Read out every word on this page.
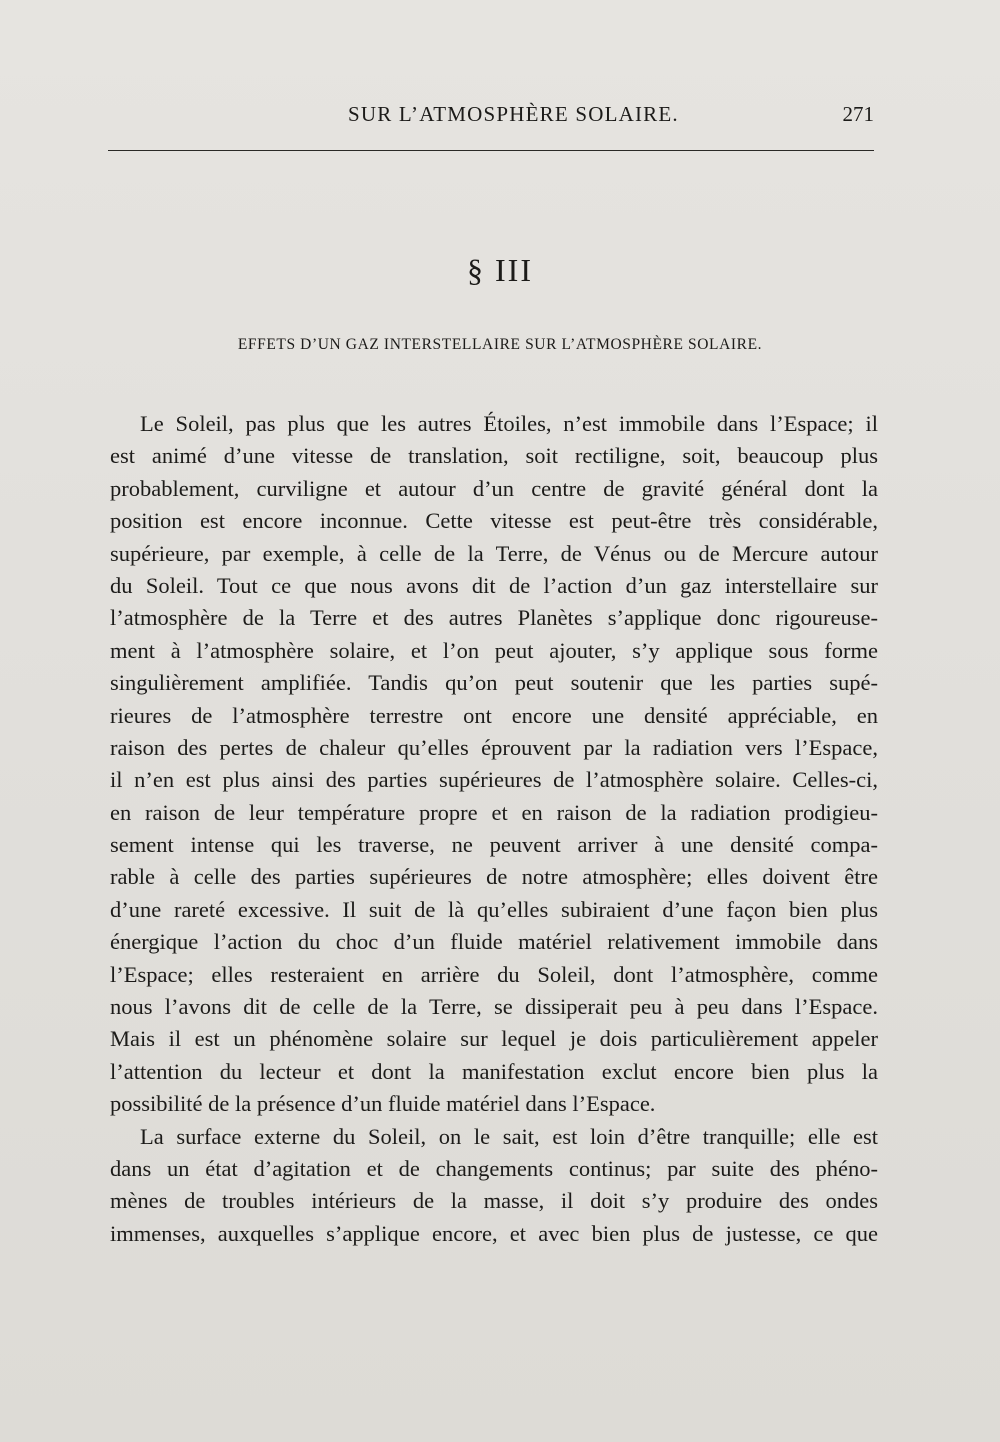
SUR L’ATMOSPHÈRE SOLAIRE.	271
§ III
EFFETS D’UN GAZ INTERSTELLAIRE SUR L’ATMOSPHÈRE SOLAIRE.
Le Soleil, pas plus que les autres Étoiles, n’est immobile dans l’Espace; il
est animé d’une vitesse de translation, soit rectiligne, soit, beaucoup plus
probablement, curviligne et autour d’un centre de gravité général dont la
position est encore inconnue. Cette vitesse est peut-être très considérable,
supérieure, par exemple, à celle de la Terre, de Vénus ou de Mercure autour
du Soleil. Tout ce que nous avons dit de l’action d’un gaz interstellaire sur
l’atmosphère de la Terre et des autres Planètes s’applique donc rigoureuse-
ment à l’atmosphère solaire, et l’on peut ajouter, s’y applique sous forme
singulièrement amplifiée. Tandis qu’on peut soutenir que les parties supé-
rieures de l’atmosphère terrestre ont encore une densité appréciable, en
raison des pertes de chaleur qu’elles éprouvent par la radiation vers l’Espace,
il n’en est plus ainsi des parties supérieures de l’atmosphère solaire. Celles-ci,
en raison de leur température propre et en raison de la radiation prodigieu-
sement intense qui les traverse, ne peuvent arriver à une densité compa-
rable à celle des parties supérieures de notre atmosphère; elles doivent être
d’une rareté excessive. Il suit de là qu’elles subiraient d’une façon bien plus
énergique l’action du choc d’un fluide matériel relativement immobile dans
l’Espace; elles resteraient en arrière du Soleil, dont l’atmosphère, comme
nous l’avons dit de celle de la Terre, se dissiperait peu à peu dans l’Espace.
Mais il est un phénomène solaire sur lequel je dois particulièrement appeler
l’attention du lecteur et dont la manifestation exclut encore bien plus la
possibilité de la présence d’un fluide matériel dans l’Espace.
La surface externe du Soleil, on le sait, est loin d’être tranquille; elle est
dans un état d’agitation et de changements continus; par suite des phéno-
mènes de troubles intérieurs de la masse, il doit s’y produire des ondes
immenses, auxquelles s’applique encore, et avec bien plus de justesse, ce que
